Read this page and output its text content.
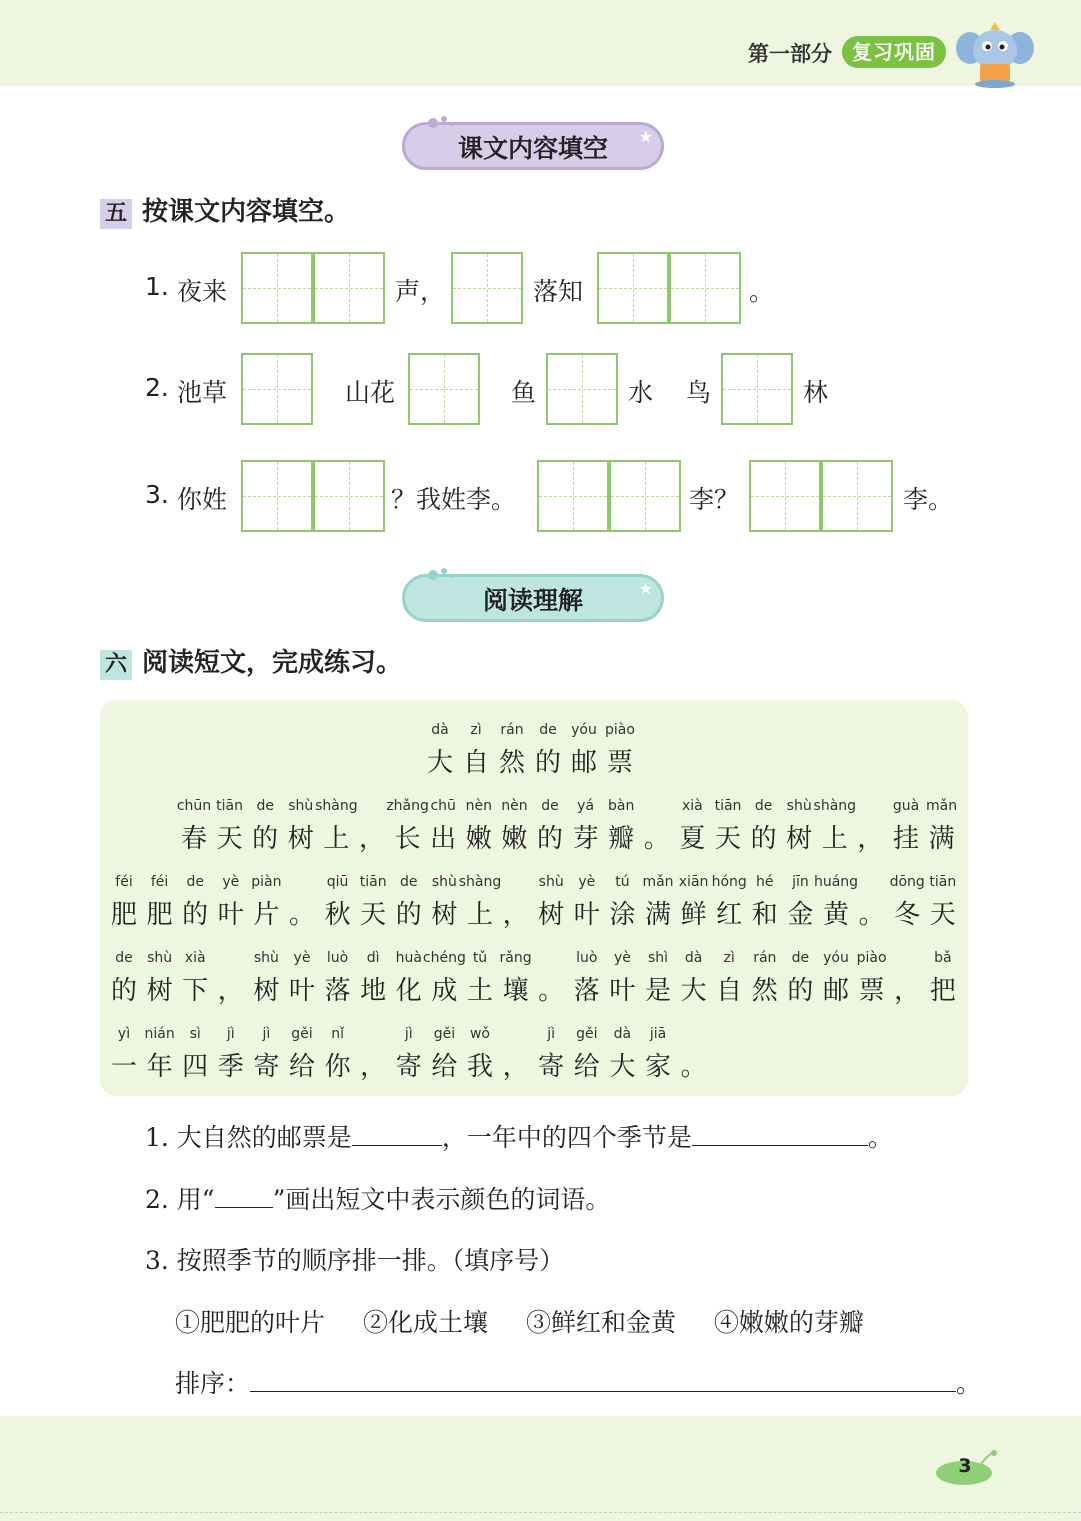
第一部分	复习巩固
课文内容填空 ★
五 按课文内容填空。
1. 夜来	声，	落知	。
2. 池草	山花	鱼	水 鸟	林
3. 你姓	？我姓李。	李？	李。
阅读理解	★
六 阅读短文，完成练习。
dà
大
zì
自
rán
然
de
的
yóu
邮
piào
票
chūn
春
tiān
天
de
的
shù
树
shàng
上 ，
zhǎng
长
chū
出
nèn
嫩
nèn
嫩
de
的
yá
芽
bàn
瓣 。
xià
夏
tiān
天
de
的
shù
树
shàng
上 ，
guà
挂
mǎn
满
féi
肥
féi
肥
de
的
yè
叶
piàn
片 。
qiū
秋
tiān
天
de
的
shù
树
shàng
上 ，
shù
树
yè
叶
tú
涂
mǎn
满
xiān
鲜
hóng
红
hé
和
jīn
金
huáng
黄 。
dōng
冬
tiān
天
de
的
shù
树
xià
下 ，
shù
树
yè
叶
luò
落
dì
地
huà
化
chéng
成
tǔ
土
rǎng
壤 。
luò
落
yè
叶
shì
是
dà
大
zì
自
rán
然
de
的
yóu
邮
piào
票 ，
bǎ
把
yì
一
nián
年
sì
四
jì
季
jì
寄
gěi
给
nǐ
你 ，
jì
寄
gěi
给
wǒ
我 ，
jì
寄
gěi
给
dà
大
jiā
家 。
1. 大自然的邮票是	，一年中的四个季节是	。
2. 用“ ”画出短文中表示颜色的词语。
3. 按照季节的顺序排一排。（填序号）
①肥肥的叶片 ②化成土壤 ③鲜红和金黄 ④嫩嫩的芽瓣
排序：	。
3
